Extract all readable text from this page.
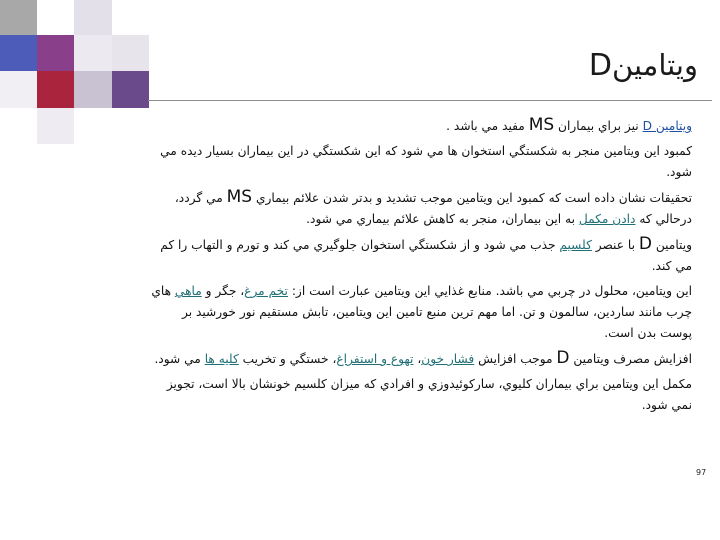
ویتامینD

ويتامين D نيز براي بيماران MS مفيد مي باشد .

كمبود اين ويتامين منجر به شكستگي استخوان ها مي شود كه اين شكستگي در اين بيماران بسيار ديده مي شود.

تحقيقات نشان داده است كه كمبود اين ويتامين موجب تشديد و بدتر شدن علائم بيماري MS مي گردد، درحالي كه دادن مكمل به اين بيماران، منجر به كاهش علائم بيماري مي شود.

ويتامين D با عنصر كلسيم جذب مي شود و از شكستگي استخوان جلوگيري مي كند و تورم و التهاب را كم مي كند.

اين ويتامين، محلول در چربي مي باشد. منابع غذايي اين ويتامين عبارت است از: تخم مرغ، جگر و ماهي هاي چرب مانند ساردين، سالمون و تن. اما مهم ترين منبع تامين اين ويتامين، تابش مستقيم نور خورشيد بر پوست بدن است.

افزايش مصرف ويتامين D موجب افزايش فشار خون، تهوع و استفراغ، خستگي و تخريب كليه ها مي شود.

مكمل اين ويتامين براي بيماران كليوي، ساركوئيدوزي و افرادي كه ميزان كلسيم خونشان بالا است، تجويز نمي شود.

97
